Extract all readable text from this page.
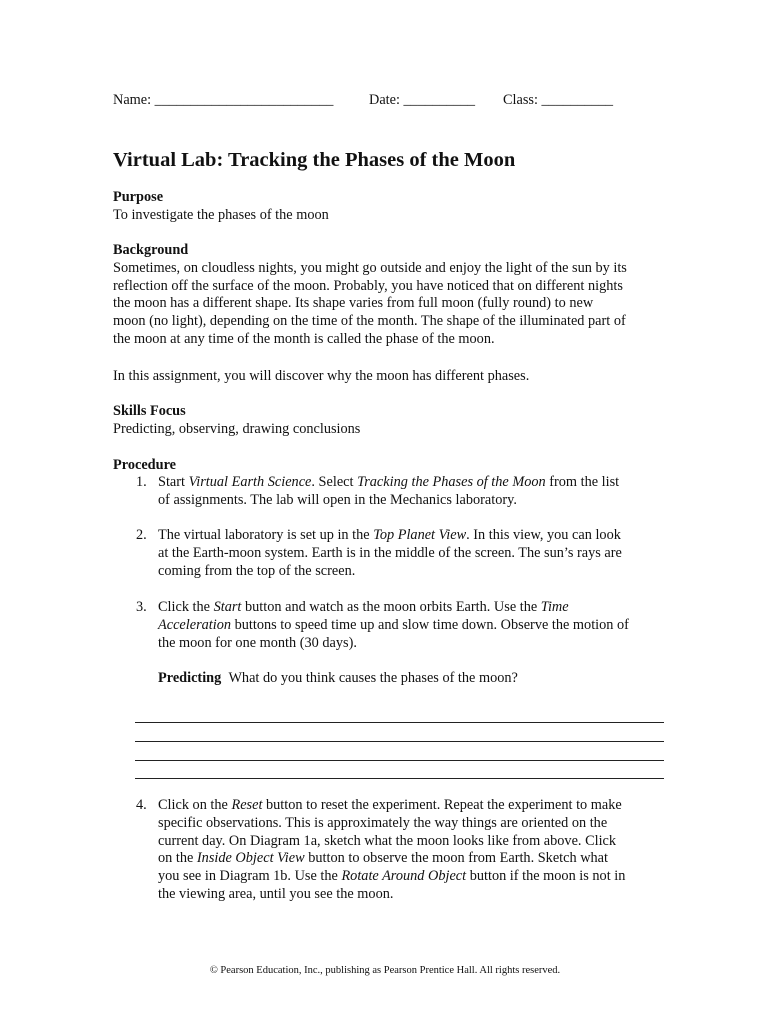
Name: _________________________ Date: __________ Class: __________
Virtual Lab: Tracking the Phases of the Moon
Purpose
To investigate the phases of the moon
Background
Sometimes, on cloudless nights, you might go outside and enjoy the light of the sun by its
reflection off the surface of the moon. Probably, you have noticed that on different nights
the moon has a different shape. Its shape varies from full moon (fully round) to new
moon (no light), depending on the time of the month. The shape of the illuminated part of
the moon at any time of the month is called the phase of the moon.
In this assignment, you will discover why the moon has different phases.
Skills Focus
Predicting, observing, drawing conclusions
Procedure
1. Start Virtual Earth Science. Select Tracking the Phases of the Moon from the list
of assignments. The lab will open in the Mechanics laboratory.
2. The virtual laboratory is set up in the Top Planet View. In this view, you can look
at the Earth-moon system. Earth is in the middle of the screen. The sun’s rays are
coming from the top of the screen.
3. Click the Start button and watch as the moon orbits Earth. Use the Time
Acceleration buttons to speed time up and slow time down. Observe the motion of
the moon for one month (30 days).
Predicting What do you think causes the phases of the moon?
4. Click on the Reset button to reset the experiment. Repeat the experiment to make
specific observations. This is approximately the way things are oriented on the
current day. On Diagram 1a, sketch what the moon looks like from above. Click
on the Inside Object View button to observe the moon from Earth. Sketch what
you see in Diagram 1b. Use the Rotate Around Object button if the moon is not in
the viewing area, until you see the moon.
© Pearson Education, Inc., publishing as Pearson Prentice Hall. All rights reserved.
